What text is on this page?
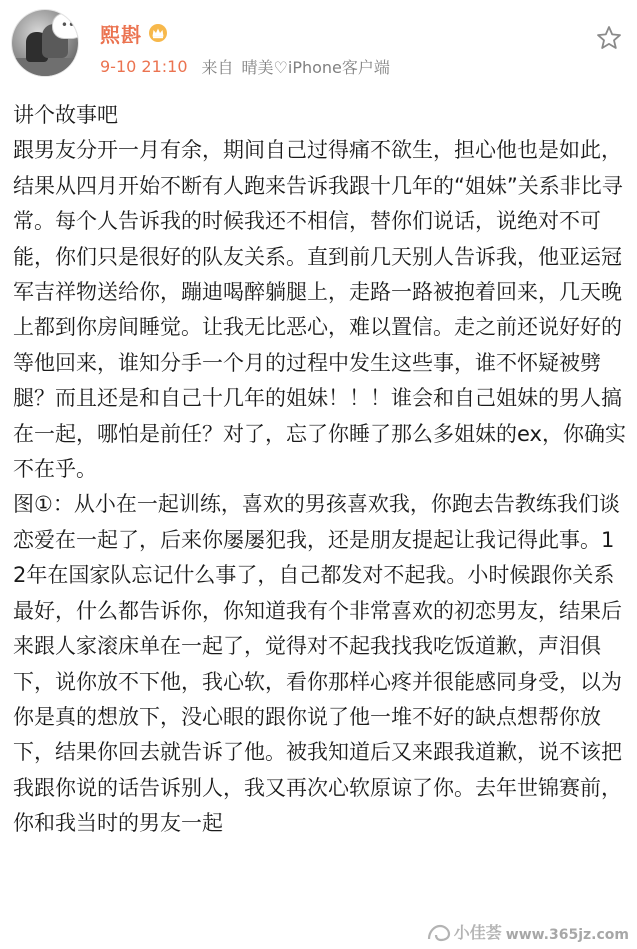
••	熙斟
9-10 21:10 来自 晴美♡iPhone客户端

讲个故事吧

跟男友分开一月有余，期间自己过得痛不欲生，担心他也是如此，结果从四月开始不断有人跑来告诉我跟十几年的“姐妹”关系非比寻常。每个人告诉我的时候我还不相信，替你们说话，说绝对不可能，你们只是很好的队友关系。直到前几天别人告诉我，他亚运冠军吉祥物送给你，蹦迪喝醉躺腿上，走路一路被抱着回来，几天晚上都到你房间睡觉。让我无比恶心，难以置信。走之前还说好好的等他回来，谁知分手一个月的过程中发生这些事，谁不怀疑被劈腿？而且还是和自己十几年的姐妹！！！谁会和自己姐妹的男人搞在一起，哪怕是前任？对了，忘了你睡了那么多姐妹的ex，你确实不在乎。

图①：从小在一起训练，喜欢的男孩喜欢我，你跑去告教练我们谈恋爱在一起了，后来你屡屡犯我，还是朋友提起让我记得此事。12年在国家队忘记什么事了，自己都发对不起我。小时候跟你关系最好，什么都告诉你，你知道我有个非常喜欢的初恋男友，结果后来跟人家滚床单在一起了，觉得对不起我找我吃饭道歉，声泪俱下，说你放不下他，我心软，看你那样心疼并很能感同身受，以为你是真的想放下，没心眼的跟你说了他一堆不好的缺点想帮你放下，结果你回去就告诉了他。被我知道后又来跟我道歉，说不该把我跟你说的话告诉别人，我又再次心软原谅了你。去年世锦赛前，你和我当时的男友一起

小佳荟 www.365jz.com
